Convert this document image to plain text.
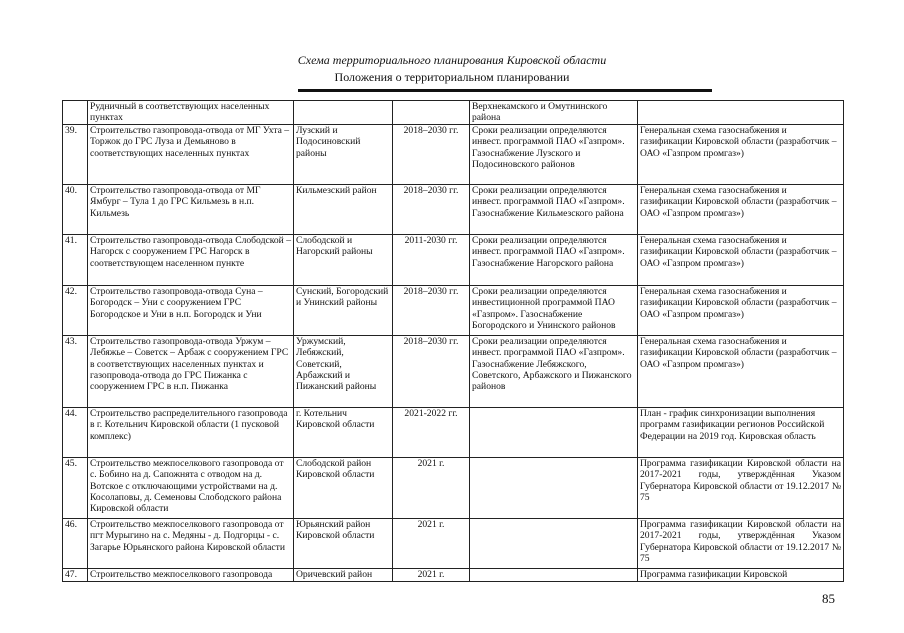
Схема территориального планирования Кировской области
Положения о территориальном планировании
	Рудничный в соответствующих населенных пунктах			Верхнекамского и Омутнинского района	
39.	Строительство газопровода-отвода от МГ Ухта – Торжок до ГРС Луза и Демьяново в соответствующих населенных пунктах	Лузский и Подосиновский районы	2018–2030 гг.	Сроки реализации определяются инвест. программой ПАО «Газпром». Газоснабжение Лузского и Подосиновского районов	Генеральная схема газоснабжения и газификации Кировской области (разработчик – ОАО «Газпром промгаз»)
40.	Строительство газопровода-отвода от МГ Ямбург – Тула 1 до ГРС Кильмезь в н.п. Кильмезь	Кильмезский район	2018–2030 гг.	Сроки реализации определяются инвест. программой ПАО «Газпром». Газоснабжение Кильмезского района	Генеральная схема газоснабжения и газификации Кировской области (разработчик – ОАО «Газпром промгаз»)
41.	Строительство газопровода-отвода Слободской – Нагорск с сооружением ГРС Нагорск в соответствующем населенном пункте	Слободской и Нагорский районы	2011-2030 гг.	Сроки реализации определяются инвест. программой ПАО «Газпром». Газоснабжение Нагорского района	Генеральная схема газоснабжения и газификации Кировской области (разработчик – ОАО «Газпром промгаз»)
42.	Строительство газопровода-отвода Суна – Богородск – Уни с сооружением ГРС Богородское и Уни в н.п. Богородск и Уни	Сунский, Богородский и Унинский районы	2018–2030 гг.	Сроки реализации определяются инвестиционной программой ПАО «Газпром». Газоснабжение Богородского и Унинского районов	Генеральная схема газоснабжения и газификации Кировской области (разработчик – ОАО «Газпром промгаз»)
43.	Строительство газопровода-отвода Уржум – Лебяжье – Советск – Арбаж с сооружением ГРС в соответствующих населенных пунктах и газопровода-отвода до ГРС Пижанка с сооружением ГРС в н.п. Пижанка	Уржумский, Лебяжский, Советский, Арбажский и Пижанский районы	2018–2030 гг.	Сроки реализации определяются инвест. программой ПАО «Газпром». Газоснабжение Лебяжского, Советского, Арбажского и Пижанского районов	Генеральная схема газоснабжения и газификации Кировской области (разработчик – ОАО «Газпром промгаз»)
44.	Строительство распределительного газопровода в г. Котельнич Кировской области (1 пусковой комплекс)	г. Котельнич Кировской области	2021-2022 гг.		План - график синхронизации выполнения программ газификации регионов Российской Федерации на 2019 год. Кировская область
45.	Строительство межпоселкового газопровода от с. Бобино на д. Сапожнята с отводом на д. Вотское с отключающими устройствами на д. Косолаповы, д. Семеновы Слободского района Кировской области	Слободской район Кировской области	2021 г.		Программа газификации Кировской области на 2017-2021 годы, утверждённая Указом Губернатора Кировской области от 19.12.2017 № 75
46.	Строительство межпоселкового газопровода от пгт Мурыгино на с. Медяны - д. Подгорцы - с. Загарье Юрьянского района Кировской области	Юрьянский район Кировской области	2021 г.		Программа газификации Кировской области на 2017-2021 годы, утверждённая Указом Губернатора Кировской области от 19.12.2017 № 75
47.	Строительство межпоселкового газопровода	Оричевский район	2021 г.		Программа газификации Кировской
85
